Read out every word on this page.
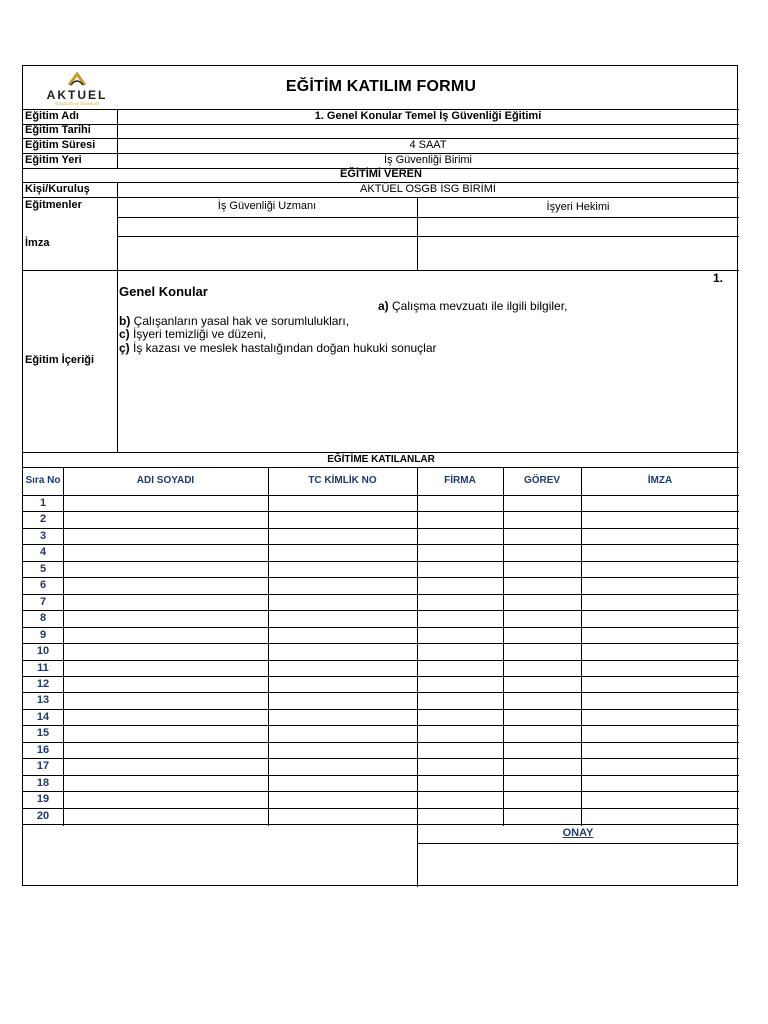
AKTUEL
İŞ SAĞLIĞI VE GÜVENLİĞİ
EĞİTİM KATILIM FORMU
Eğitim Adı	1. Genel Konular Temel İş Güvenliği Eğitimi
Eğitim Tarihi
Eğitim Süresi	4 SAAT
Eğitim Yeri	İş Güvenliği Birimi
EĞİTİMİ VEREN
Kişi/Kuruluş	AKTÜEL OSGB İSG BİRİMİ
Eğitmenler	İş Güvenliği Uzmanı	İşyeri Hekimi
İmza
Eğitim İçeriği
1.
Genel Konular
a) Çalışma mevzuatı ile ilgili bilgiler,
b) Çalışanların yasal hak ve sorumlulukları,
c) İşyeri temizliği ve düzeni,
ç) İş kazası ve meslek hastalığından doğan hukuki sonuçlar
EĞİTİME KATILANLAR
Sıra No	ADI SOYADI	TC KİMLİK NO	FİRMA	GÖREV	İMZA
1
2
3
4
5
6
7
8
9
10
11
12
13
14
15
16
17
18
19
20
ONAY
